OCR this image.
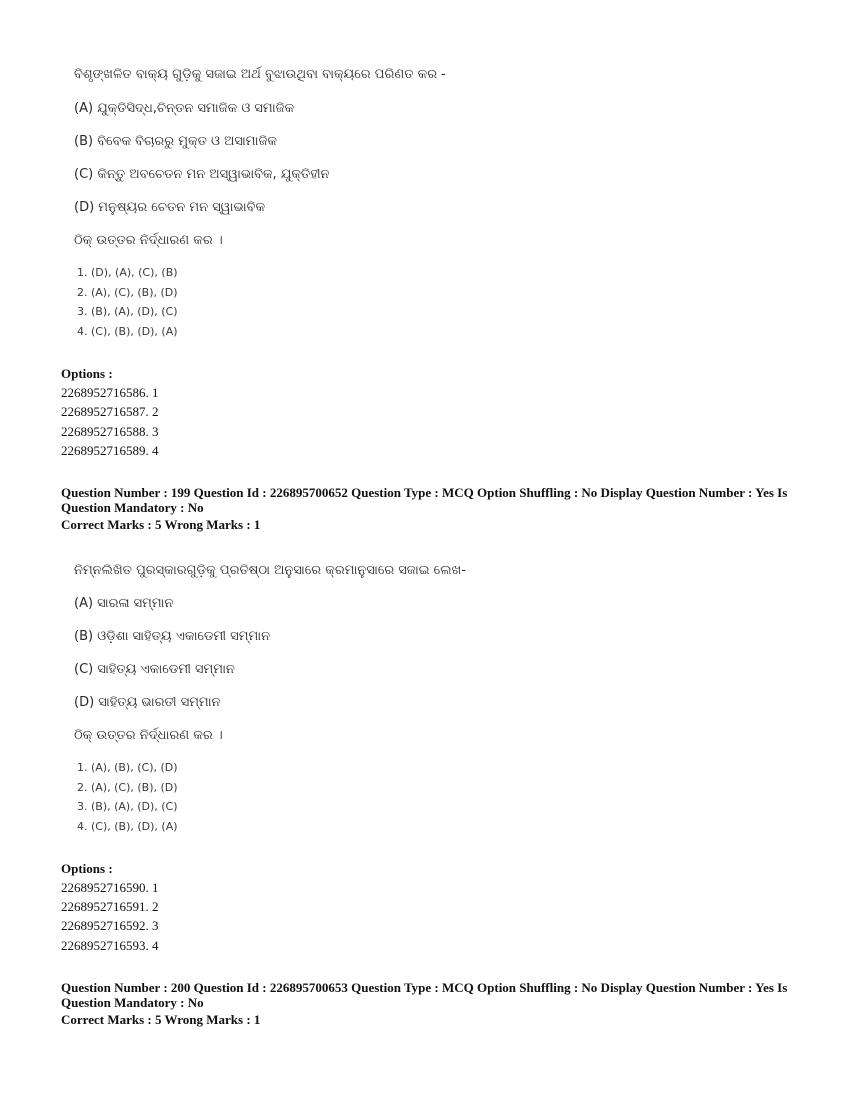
ବିଶୃଙ୍ଖଳିତ ବାକ୍ୟ ଗୁଡ଼ିକୁ ସଜାଇ ଅର୍ଥ ବୁଝାଉଥିବା ବାକ୍ୟରେ ପରିଣତ କର -
(A) ଯୁକ୍ତିସିଦ୍ଧ,ଚିନ୍ତନ ସମାଜିକ ଓ ସମାଜିକ
(B) ବିବେକ ବିଚାରରୁ ମୁକ୍ତ ଓ ଅସାମାଜିକ
(C) କିନ୍ତୁ ଅବଚେତନ ମନ ଅସ୍ୱାଭାବିକ, ଯୁକ୍ତିହୀନ
(D) ମନୁଷ୍ୟର ଚେତନ ମନ ସ୍ୱାଭାବିକ
ଠିକ୍ ଉତ୍ତର ନିର୍ଦ୍ଧାରଣ କର ।
1. (D), (A), (C), (B)
2. (A), (C), (B), (D)
3. (B), (A), (D), (C)
4. (C), (B), (D), (A)
Options :
2268952716586. 1
2268952716587. 2
2268952716588. 3
2268952716589. 4
Question Number : 199 Question Id : 226895700652 Question Type : MCQ Option Shuffling : No Display Question Number : Yes Is Question Mandatory : No
Correct Marks : 5 Wrong Marks : 1
ନିମ୍ନଲିଖିତ ପୁରସ୍କାରଗୁଡ଼ିକୁ ପ୍ରତିଷ୍ଠା ଅନୁସାରେ କ୍ରମାନୁସାରେ ସଜାଇ ଲେଖ-
(A) ସାରଳା ସମ୍ମାନ
(B) ଓଡ଼ିଶା ସାହିତ୍ୟ ଏକାଡେମୀ ସମ୍ମାନ
(C) ସାହିତ୍ୟ ଏକାଡେମୀ ସମ୍ମାନ
(D) ସାହିତ୍ୟ ଭାରତୀ ସମ୍ମାନ
ଠିକ୍ ଉତ୍ତର ନିର୍ଦ୍ଧାରଣ କର ।
1. (A), (B), (C), (D)
2. (A), (C), (B), (D)
3. (B), (A), (D), (C)
4. (C), (B), (D), (A)
Options :
2268952716590. 1
2268952716591. 2
2268952716592. 3
2268952716593. 4
Question Number : 200 Question Id : 226895700653 Question Type : MCQ Option Shuffling : No Display Question Number : Yes Is Question Mandatory : No
Correct Marks : 5 Wrong Marks : 1
